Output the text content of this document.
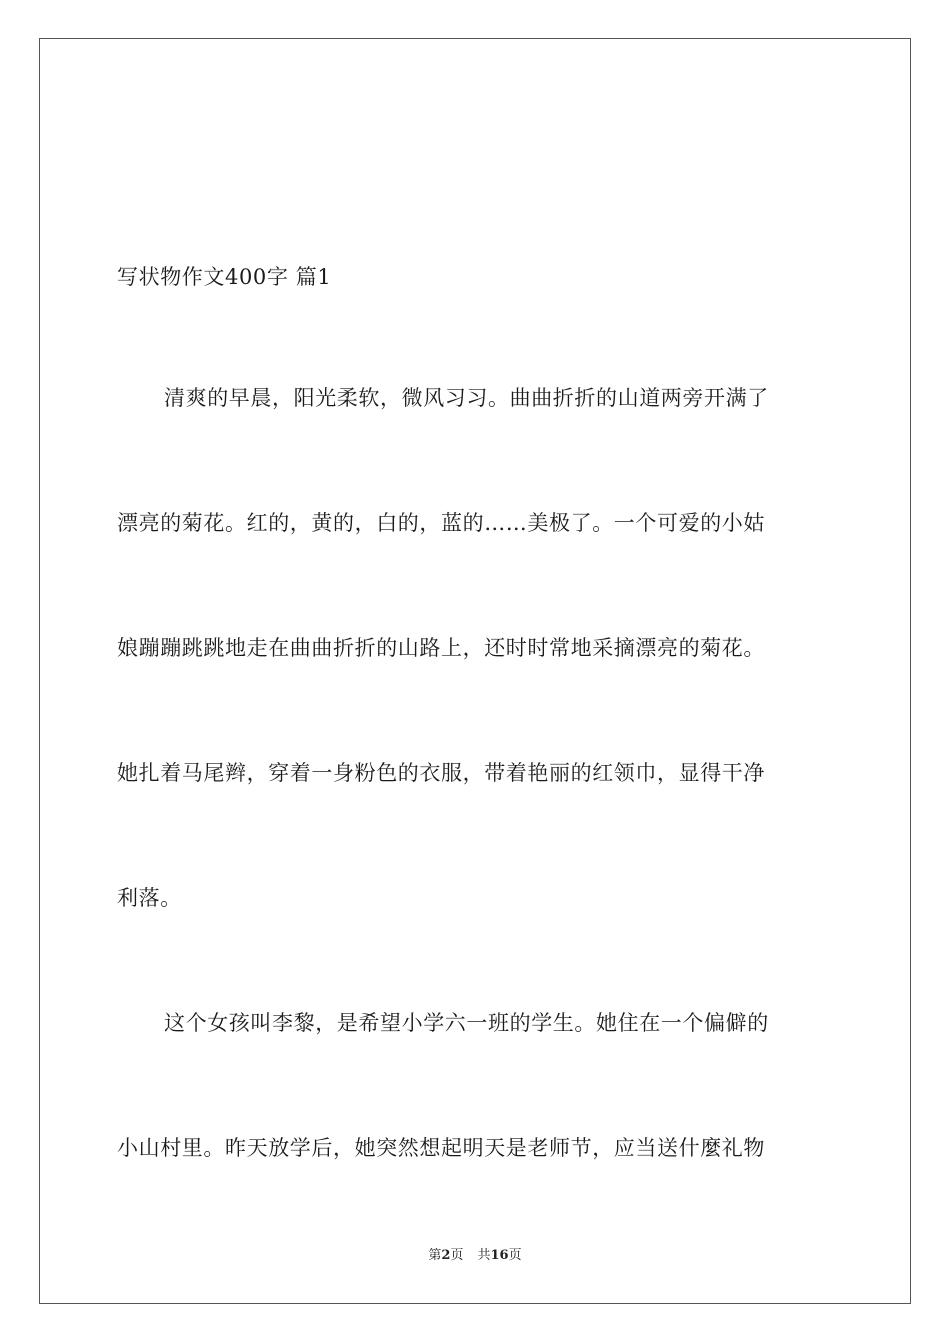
写状物作文400字 篇1
清爽的早晨，阳光柔软，微风习习。曲曲折折的山道两旁开满了
漂亮的菊花。红的，黄的，白的，蓝的……美极了。一个可爱的小姑
娘蹦蹦跳跳地走在曲曲折折的山路上，还时时常地采摘漂亮的菊花。
她扎着马尾辫，穿着一身粉色的衣服，带着艳丽的红领巾，显得干净
利落。
这个女孩叫李黎，是希望小学六一班的学生。她住在一个偏僻的
小山村里。昨天放学后，她突然想起明天是老师节，应当送什麼礼物
第2页 共16页
